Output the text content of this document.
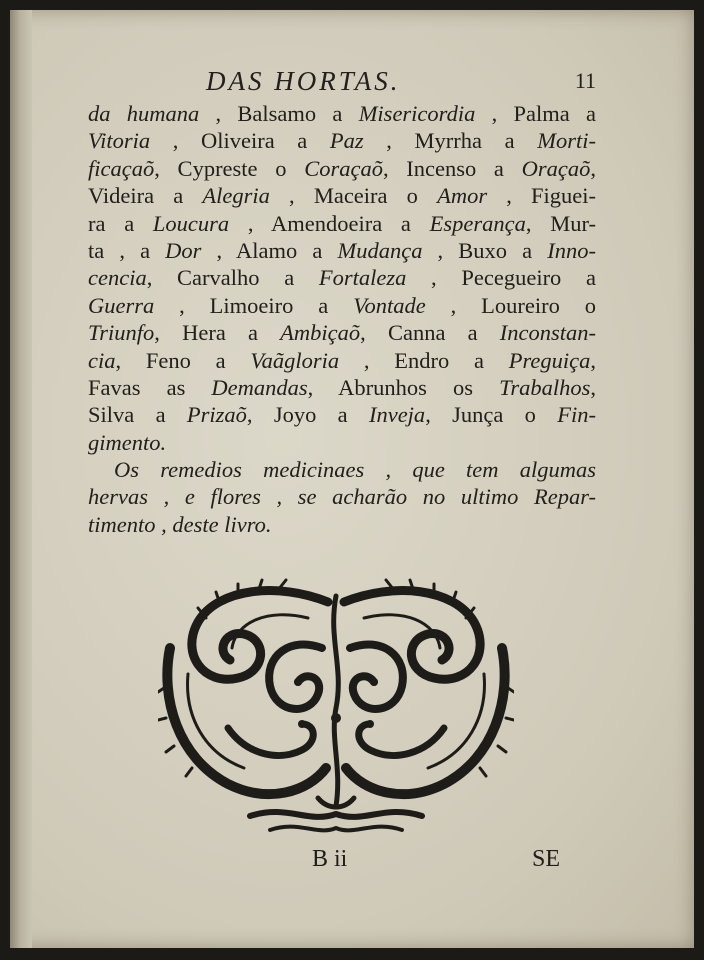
DAS HORTAS.	11
da humana , Balsamo a Misericordia , Palma a
Vitoria , Oliveira a Paz , Myrrha a Morti-
ficaçaõ, Cypreste o Coraçaõ, Incenso a Oraçaõ,
Videira a Alegria , Maceira o Amor , Figuei-
ra a Loucura , Amendoeira a Esperança, Mur-
ta , a Dor , Alamo a Mudança , Buxo a Inno-
cencia, Carvalho a Fortaleza , Pecegueiro a
Guerra , Limoeiro a Vontade , Loureiro o
Triunfo, Hera a Ambiçaõ, Canna a Inconstan-
cia, Feno a Vaãgloria , Endro a Preguiça,
Favas as Demandas, Abrunhos os Trabalhos,
Silva a Prizaõ, Joyo a Inveja, Junça o Fin-
gimento.
Os remedios medicinaes , que tem algumas
hervas , e flores , se acharão no ultimo Repar-
timento , deste livro.
B ii	SE
